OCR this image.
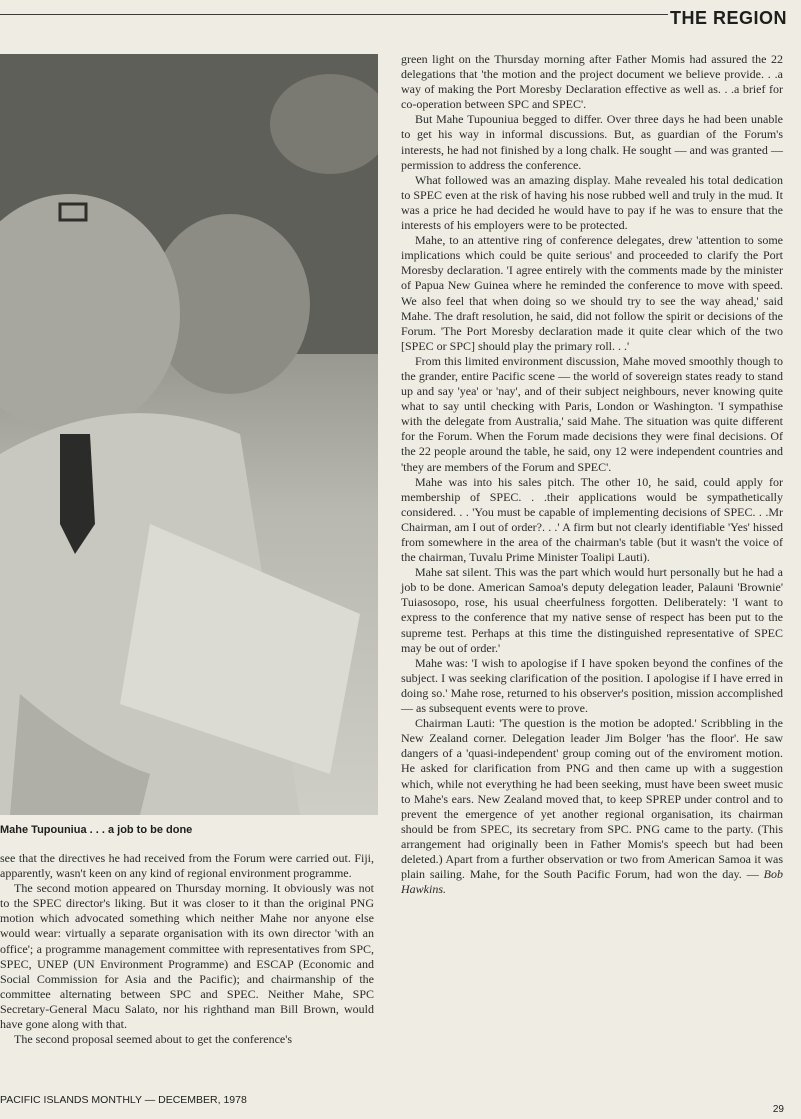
THE REGION

Mahe Tupouniua . . . a job to be done

see that the directives he had received from the Forum were carried out. Fiji, apparently, wasn't keen on any kind of regional environment programme.

The second motion appeared on Thursday morning. It obviously was not to the SPEC director's liking. But it was closer to it than the original PNG motion which advocated something which neither Mahe nor anyone else would wear: virtually a separate organisation with its own director 'with an office'; a programme management committee with representatives from SPC, SPEC, UNEP (UN Environment Programme) and ESCAP (Economic and Social Commission for Asia and the Pacific); and chairmanship of the committee alternating between SPC and SPEC. Neither Mahe, SPC Secretary-General Macu Salato, nor his righthand man Bill Brown, would have gone along with that.

The second proposal seemed about to get the conference's

green light on the Thursday morning after Father Momis had assured the 22 delegations that 'the motion and the project document we believe provide. . .a way of making the Port Moresby Declaration effective as well as. . .a brief for co-operation between SPC and SPEC'.

But Mahe Tupouniua begged to differ. Over three days he had been unable to get his way in informal discussions. But, as guardian of the Forum's interests, he had not finished by a long chalk. He sought — and was granted — permission to address the conference.

What followed was an amazing display. Mahe revealed his total dedication to SPEC even at the risk of having his nose rubbed well and truly in the mud. It was a price he had decided he would have to pay if he was to ensure that the interests of his employers were to be protected.

Mahe, to an attentive ring of conference delegates, drew 'attention to some implications which could be quite serious' and proceeded to clarify the Port Moresby declaration. 'I agree entirely with the comments made by the minister of Papua New Guinea where he reminded the conference to move with speed. We also feel that when doing so we should try to see the way ahead,' said Mahe. The draft resolution, he said, did not follow the spirit or decisions of the Forum. 'The Port Moresby declaration made it quite clear which of the two [SPEC or SPC] should play the primary roll. . .'

From this limited environment discussion, Mahe moved smoothly though to the grander, entire Pacific scene — the world of sovereign states ready to stand up and say 'yea' or 'nay', and of their subject neighbours, never knowing quite what to say until checking with Paris, London or Washington. 'I sympathise with the delegate from Australia,' said Mahe. The situation was quite different for the Forum. When the Forum made decisions they were final decisions. Of the 22 people around the table, he said, ony 12 were independent countries and 'they are members of the Forum and SPEC'.

Mahe was into his sales pitch. The other 10, he said, could apply for membership of SPEC. . .their applications would be sympathetically considered. . . 'You must be capable of implementing decisions of SPEC. . .Mr Chairman, am I out of order?. . .' A firm but not clearly identifiable 'Yes' hissed from somewhere in the area of the chairman's table (but it wasn't the voice of the chairman, Tuvalu Prime Minister Toalipi Lauti).

Mahe sat silent. This was the part which would hurt personally but he had a job to be done. American Samoa's deputy delegation leader, Palauni 'Brownie' Tuiasosopo, rose, his usual cheerfulness forgotten. Deliberately: 'I want to express to the conference that my native sense of respect has been put to the supreme test. Perhaps at this time the distinguished representative of SPEC may be out of order.'

Mahe was: 'I wish to apologise if I have spoken beyond the confines of the subject. I was seeking clarification of the position. I apologise if I have erred in doing so.' Mahe rose, returned to his observer's position, mission accomplished — as subsequent events were to prove.

Chairman Lauti: 'The question is the motion be adopted.' Scribbling in the New Zealand corner. Delegation leader Jim Bolger 'has the floor'. He saw dangers of a 'quasi-independent' group coming out of the enviroment motion. He asked for clarification from PNG and then came up with a suggestion which, while not everything he had been seeking, must have been sweet music to Mahe's ears. New Zealand moved that, to keep SPREP under control and to prevent the emergence of yet another regional organisation, its chairman should be from SPEC, its secretary from SPC. PNG came to the party. (This arrangement had originally been in Father Momis's speech but had been deleted.) Apart from a further observation or two from American Samoa it was plain sailing. Mahe, for the South Pacific Forum, had won the day. — Bob Hawkins.

PACIFIC ISLANDS MONTHLY — DECEMBER, 1978
29
